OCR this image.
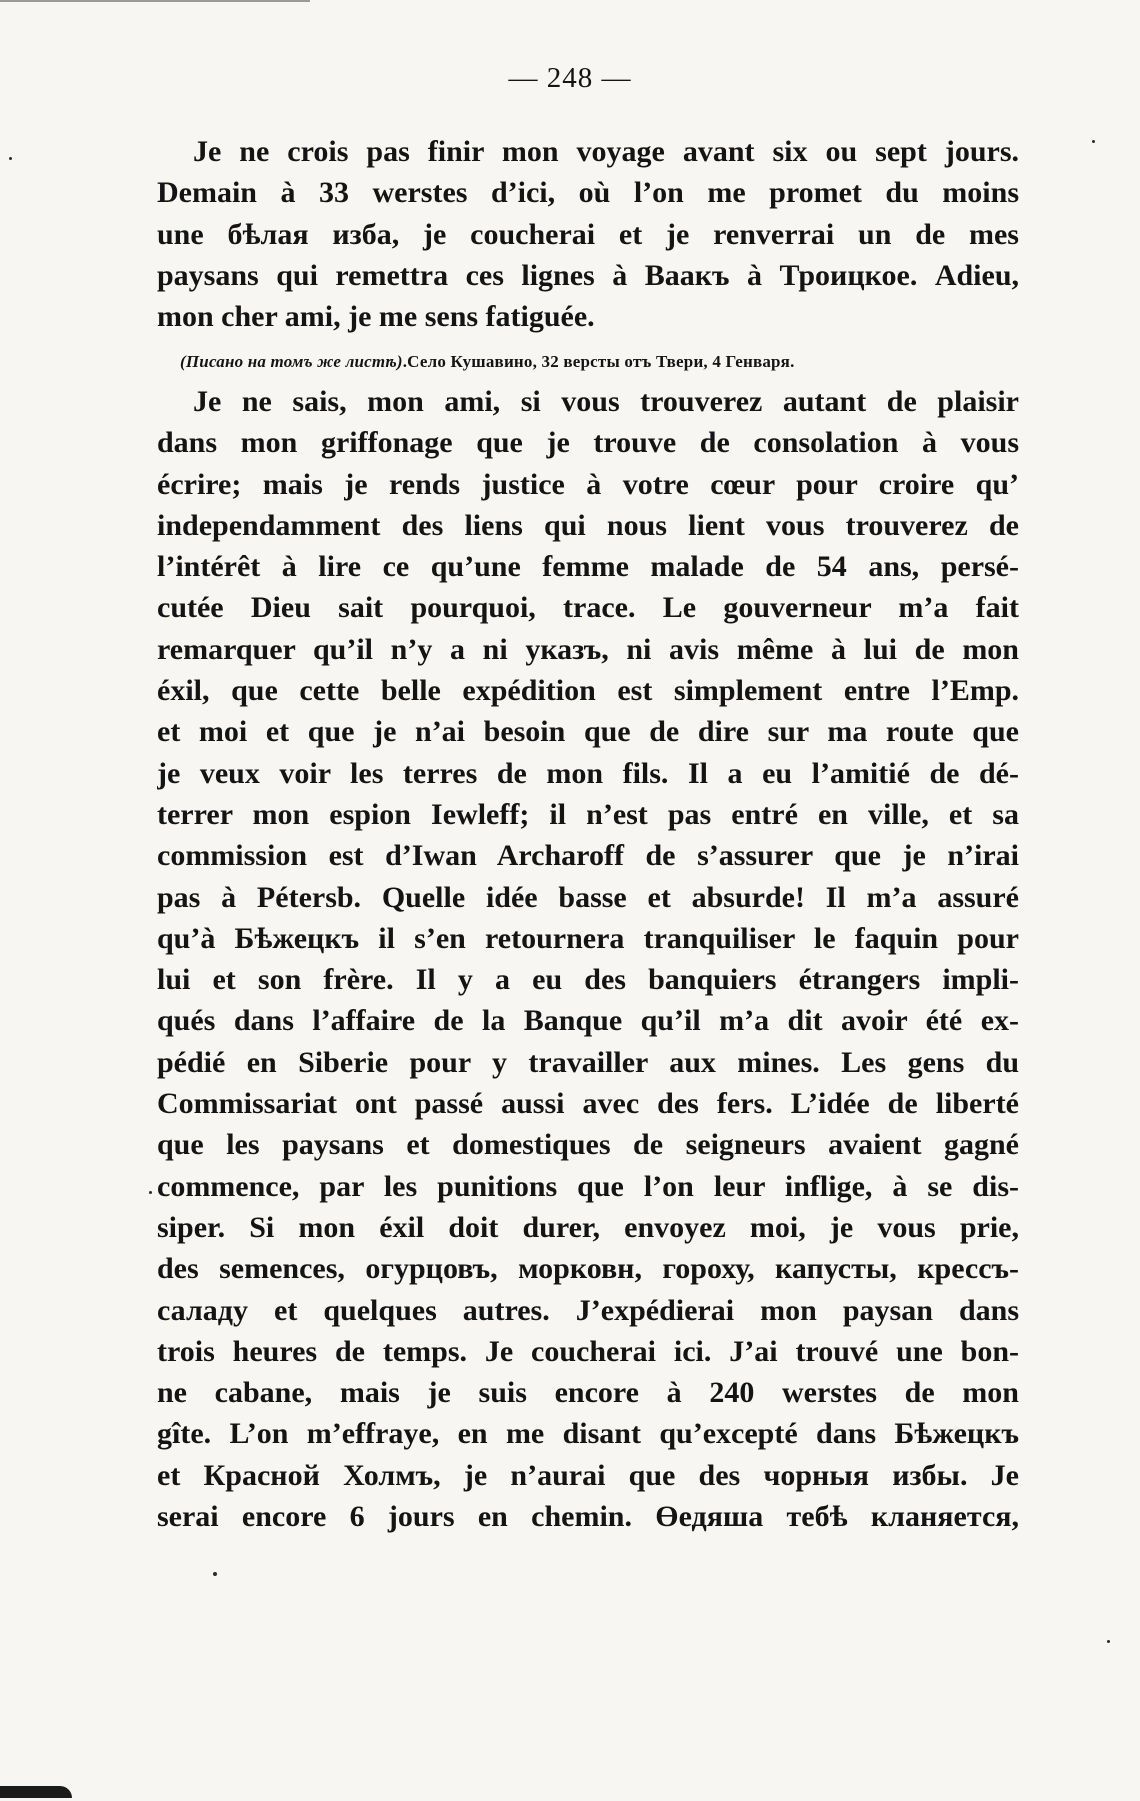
— 248 —

Je ne crois pas finir mon voyage avant six ou sept jours.

Demain à 33 werstes d’ici, où l’on me promet du moins
une бѣлая изба, je coucherai et je renverrai un de mes
paysans qui remettra ces lignes à Ваакъ à Троицкое. Adieu,
mon cher ami, je me sens fatiguée.
(Писано на томъ же листѣ).Село Кушавино, 32 версты отъ Твери, 4 Генваря.

Je ne sais, mon ami, si vous trouverez autant de plaisir

dans mon griffonage que je trouve de consolation à vous
écrire; mais je rends justice à votre cœur pour croire qu’
independamment des liens qui nous lient vous trouverez de
l’intérêt à lire ce qu’une femme malade de 54 ans, persé-
cutée Dieu sait pourquoi, trace. Le gouverneur m’a fait
remarquer qu’il n’y a ni указъ, ni avis même à lui de mon
éxil, que cette belle expédition est simplement entre l’Emp.
et moi et que je n’ai besoin que de dire sur ma route que
je veux voir les terres de mon fils. Il a eu l’amitié de dé-
terrer mon espion Iewleff; il n’est pas entré en ville, et sa
commission est d’Iwan Archaroff de s’assurer que je n’irai
pas à Pétersb. Quelle idée basse et absurde! Il m’a assuré
qu’à Бѣжецкъ il s’en retournera tranquiliser le faquin pour
lui et son frère. Il y a eu des banquiers étrangers impli-
qués dans l’affaire de la Banque qu’il m’a dit avoir été ex-
pédié en Siberie pour y travailler aux mines. Les gens du
Commissariat ont passé aussi avec des fers. L’idée de liberté
que les paysans et domestiques de seigneurs avaient gagné
commence, par les punitions que l’on leur inflige, à se dis-
siper. Si mon éxil doit durer, envoyez moi, je vous prie,
des semences, огурцовъ, морковн, гороху, капусты, крессъ-
саладу et quelques autres. J’expédierai mon paysan dans
trois heures de temps. Je coucherai ici. J’ai trouvé une bon-
ne cabane, mais je suis encore à 240 werstes de mon
gîte. L’on m’effraye, en me disant qu’excepté dans Бѣжецкъ
et Красной Холмъ, je n’aurai que des чорныя избы. Je
serai encore 6 jours en chemin. Өедяша тебѣ кланяется,
